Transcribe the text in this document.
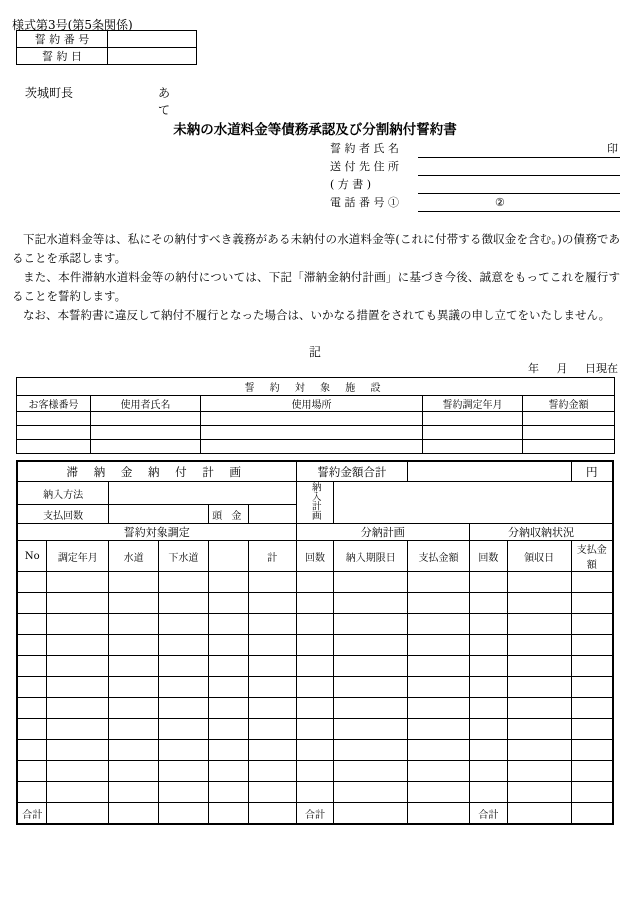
様式第3号(第5条関係)
誓 約 番 号	
誓 約 日	
茨城町長	あて
未納の水道料金等債務承認及び分割納付誓約書
誓 約 者 氏 名	印
送 付 先 住 所
( 方 書 )
電 話 番 号 ①	②

下記水道料金等は、私にその納付すべき義務がある未納付の水道料金等(これに付帯する徴収金を含む。)の債務であることを承認します。

また、本件滞納水道料金等の納付については、下記「滞納金納付計画」に基づき今後、誠意をもってこれを履行することを誓約します。

なお、本誓約書に違反して納付不履行となった場合は、いかなる措置をされても異議の申し立てをいたしません。

記
年 月 日現在
誓 約 対 象 施 設				
お客様番号	使用者氏名	使用場所	誓約調定年月	誓約金額

滞 納 金 納 付 計 画						誓約金額合計					円
納入方法						納入計画					
支払回数				頭 金							
誓約対象調定						分納計画			分納収納状況		
No	調定年月	水道	下水道		計	回数	納入期限日	支払金額	回数	領収日	支払金額

合計						合計			合計		
